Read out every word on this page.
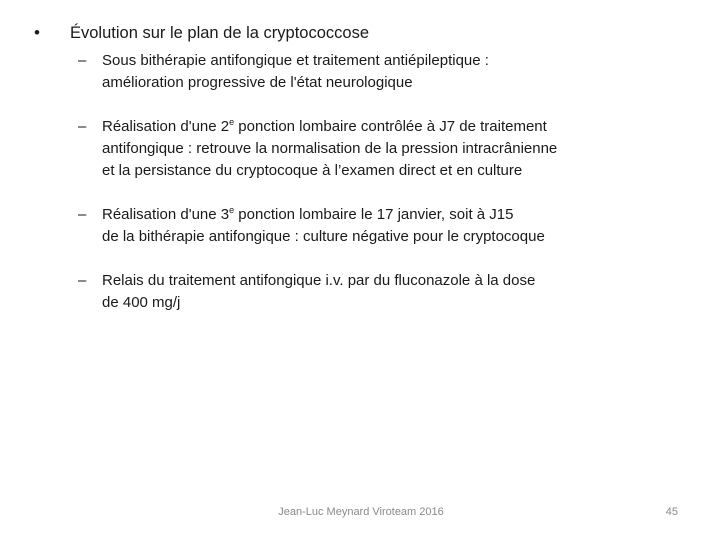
•	Évolution sur le plan de la cryptococcose
–	Sous bithérapie antifongique et traitement antiépileptique :
amélioration progressive de l'état neurologique
–	Réalisation d'une 2e ponction lombaire contrôlée à J7 de traitement
antifongique : retrouve la normalisation de la pression intracrânienne
et la persistance du cryptocoque à l’examen direct et en culture
–	Réalisation d'une 3e ponction lombaire le 17 janvier, soit à J15
de la bithérapie antifongique : culture négative pour le cryptocoque
–	Relais du traitement antifongique i.v. par du fluconazole à la dose
de 400 mg/j
Jean-Luc Meynard Viroteam 2016	45
